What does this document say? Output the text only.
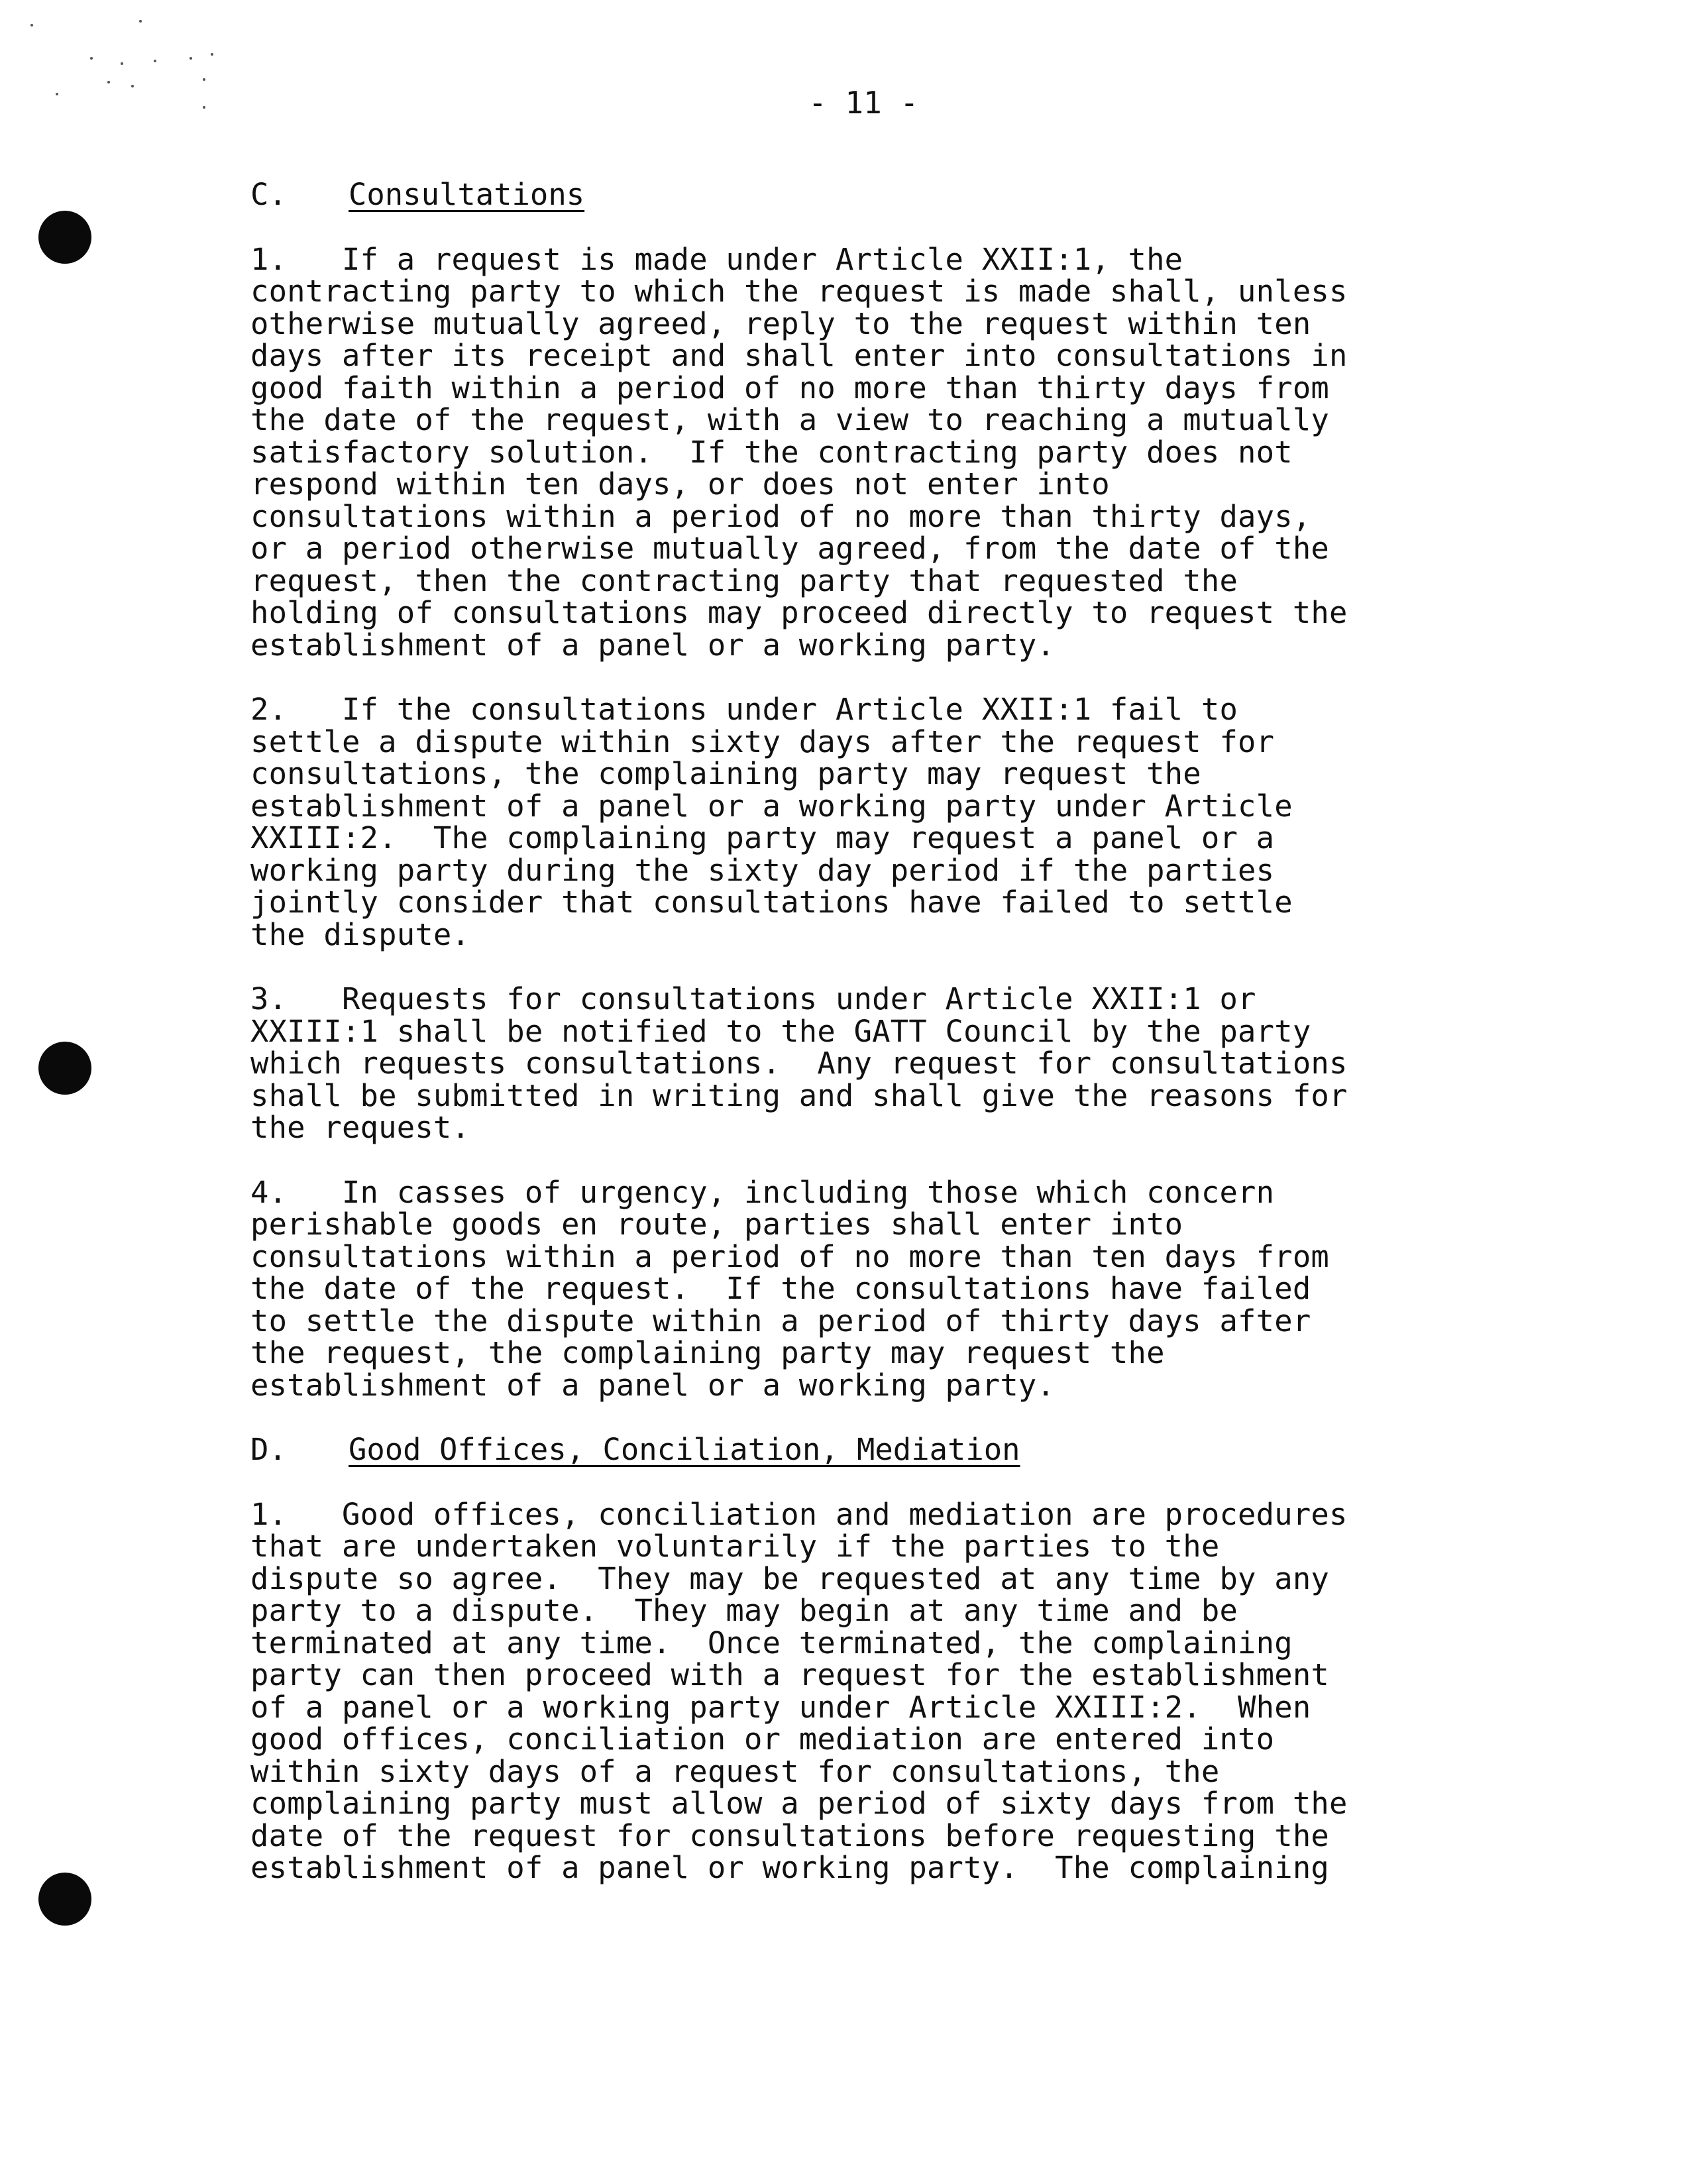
- 11 -
C.	Consultations
1.   If a request is made under Article XXII:1, the
contracting party to which the request is made shall, unless
otherwise mutually agreed, reply to the request within ten
days after its receipt and shall enter into consultations in
good faith within a period of no more than thirty days from
the date of the request, with a view to reaching a mutually
satisfactory solution.  If the contracting party does not
respond within ten days, or does not enter into
consultations within a period of no more than thirty days,
or a period otherwise mutually agreed, from the date of the
request, then the contracting party that requested the
holding of consultations may proceed directly to request the
establishment of a panel or a working party.
2.   If the consultations under Article XXII:1 fail to
settle a dispute within sixty days after the request for
consultations, the complaining party may request the
establishment of a panel or a working party under Article
XXIII:2.  The complaining party may request a panel or a
working party during the sixty day period if the parties
jointly consider that consultations have failed to settle
the dispute.
3.   Requests for consultations under Article XXII:1 or
XXIII:1 shall be notified to the GATT Council by the party
which requests consultations.  Any request for consultations
shall be submitted in writing and shall give the reasons for
the request.
4.   In casses of urgency, including those which concern
perishable goods en route, parties shall enter into
consultations within a period of no more than ten days from
the date of the request.  If the consultations have failed
to settle the dispute within a period of thirty days after
the request, the complaining party may request the
establishment of a panel or a working party.
D.	Good Offices, Conciliation, Mediation
1.   Good offices, conciliation and mediation are procedures
that are undertaken voluntarily if the parties to the
dispute so agree.  They may be requested at any time by any
party to a dispute.  They may begin at any time and be
terminated at any time.  Once terminated, the complaining
party can then proceed with a request for the establishment
of a panel or a working party under Article XXIII:2.  When
good offices, conciliation or mediation are entered into
within sixty days of a request for consultations, the
complaining party must allow a period of sixty days from the
date of the request for consultations before requesting the
establishment of a panel or working party.  The complaining
